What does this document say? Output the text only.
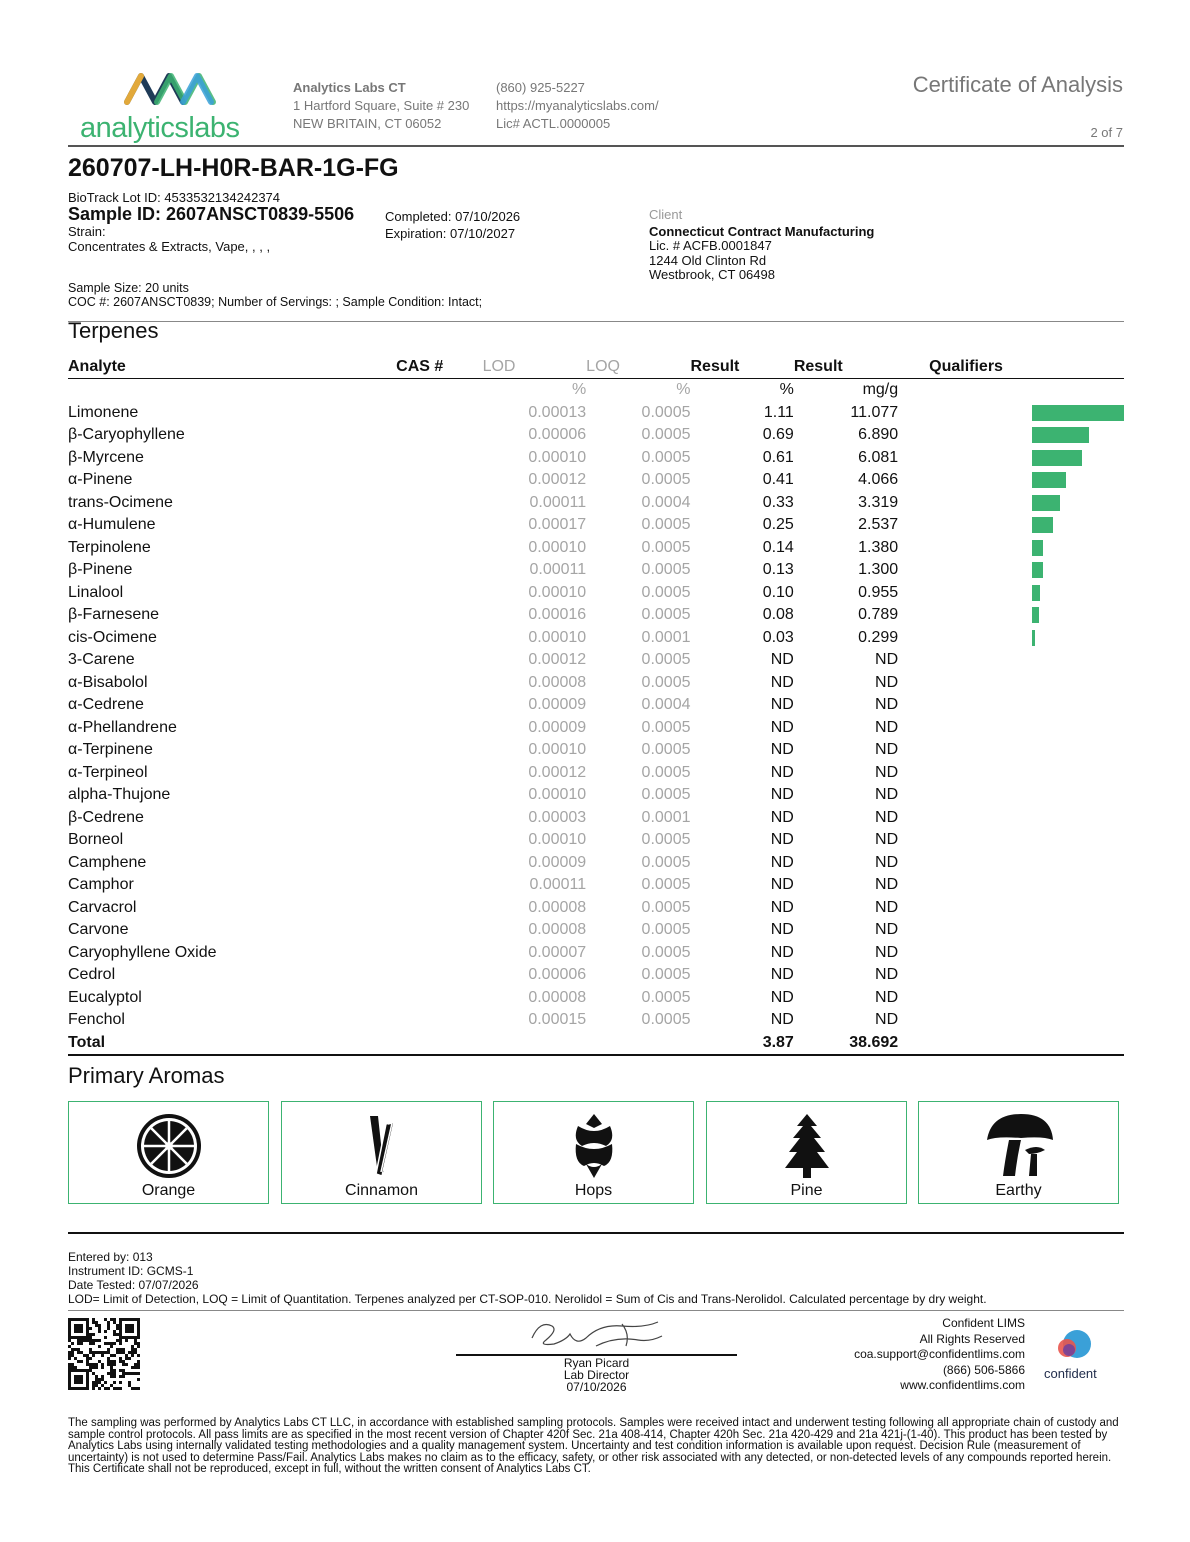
analyticslabs
Analytics Labs CT
1 Hartford Square, Suite # 230
NEW BRITAIN, CT 06052
(860) 925-5227
https://myanalyticslabs.com/
Lic# ACTL.0000005
Certificate of Analysis
2 of 7
260707-LH-H0R-BAR-1G-FG
BioTrack Lot ID: 4533532134242374
Sample ID: 2607ANSCT0839-5506
Strain:
Concentrates & Extracts, Vape, , , ,
Completed: 07/10/2026
Expiration: 07/10/2027
Client
Connecticut Contract Manufacturing
Lic. # ACFB.0001847
1244 Old Clinton Rd
Westbrook, CT 06498
Sample Size: 20 units
COC #: 2607ANSCT0839; Number of Servings: ; Sample Condition: Intact;
Terpenes
Analyte	CAS #	LOD	LOQ	Result	Result	Qualifiers	
		%	%	%	mg/g		
Limonene		0.00013	0.0005	1.11	11.077		

β-Caryophyllene		0.00006	0.0005	0.69	6.890		

β-Myrcene		0.00010	0.0005	0.61	6.081		

α-Pinene		0.00012	0.0005	0.41	4.066		

trans-Ocimene		0.00011	0.0004	0.33	3.319		

α-Humulene		0.00017	0.0005	0.25	2.537		

Terpinolene		0.00010	0.0005	0.14	1.380		

β-Pinene		0.00011	0.0005	0.13	1.300		

Linalool		0.00010	0.0005	0.10	0.955		

β-Farnesene		0.00016	0.0005	0.08	0.789		

cis-Ocimene		0.00010	0.0001	0.03	0.299		

3-Carene		0.00012	0.0005	ND	ND		
α-Bisabolol		0.00008	0.0005	ND	ND		
α-Cedrene		0.00009	0.0004	ND	ND		
α-Phellandrene		0.00009	0.0005	ND	ND		
α-Terpinene		0.00010	0.0005	ND	ND		
α-Terpineol		0.00012	0.0005	ND	ND		
alpha-Thujone		0.00010	0.0005	ND	ND		
β-Cedrene		0.00003	0.0001	ND	ND		
Borneol		0.00010	0.0005	ND	ND		
Camphene		0.00009	0.0005	ND	ND		
Camphor		0.00011	0.0005	ND	ND		
Carvacrol		0.00008	0.0005	ND	ND		
Carvone		0.00008	0.0005	ND	ND		
Caryophyllene Oxide		0.00007	0.0005	ND	ND		
Cedrol		0.00006	0.0005	ND	ND		
Eucalyptol		0.00008	0.0005	ND	ND		
Fenchol		0.00015	0.0005	ND	ND		
Total				3.87	38.692		
Primary Aromas
Orange	Cinnamon	Hops	Pine	Earthy
Entered by: 013
Instrument ID: GCMS-1
Date Tested: 07/07/2026
LOD= Limit of Detection, LOQ = Limit of Quantitation. Terpenes analyzed per CT-SOP-010. Nerolidol = Sum of Cis and Trans-Nerolidol. Calculated percentage by dry weight.
Ryan Picard
Lab Director
07/10/2026
Confident LIMS
All Rights Reserved
coa.support@confidentlims.com
(866) 506-5866
www.confidentlims.com
confident
The sampling was performed by Analytics Labs CT LLC, in accordance with established sampling protocols. Samples were received intact and underwent testing following all appropriate chain of custody and sample control protocols. All pass limits are as specified in the most recent version of Chapter 420f Sec. 21a 408-414, Chapter 420h Sec. 21a 420-429 and 21a 421j-(1-40). This product has been tested by Analytics Labs using internally validated testing methodologies and a quality management system. Uncertainty and test condition information is available upon request. Decision Rule (measurement of uncertainty) is not used to determine Pass/Fail. Analytics Labs makes no claim as to the efficacy, safety, or other risk associated with any detected, or non-detected levels of any compounds reported herein. This Certificate shall not be reproduced, except in full, without the written consent of Analytics Labs CT.
